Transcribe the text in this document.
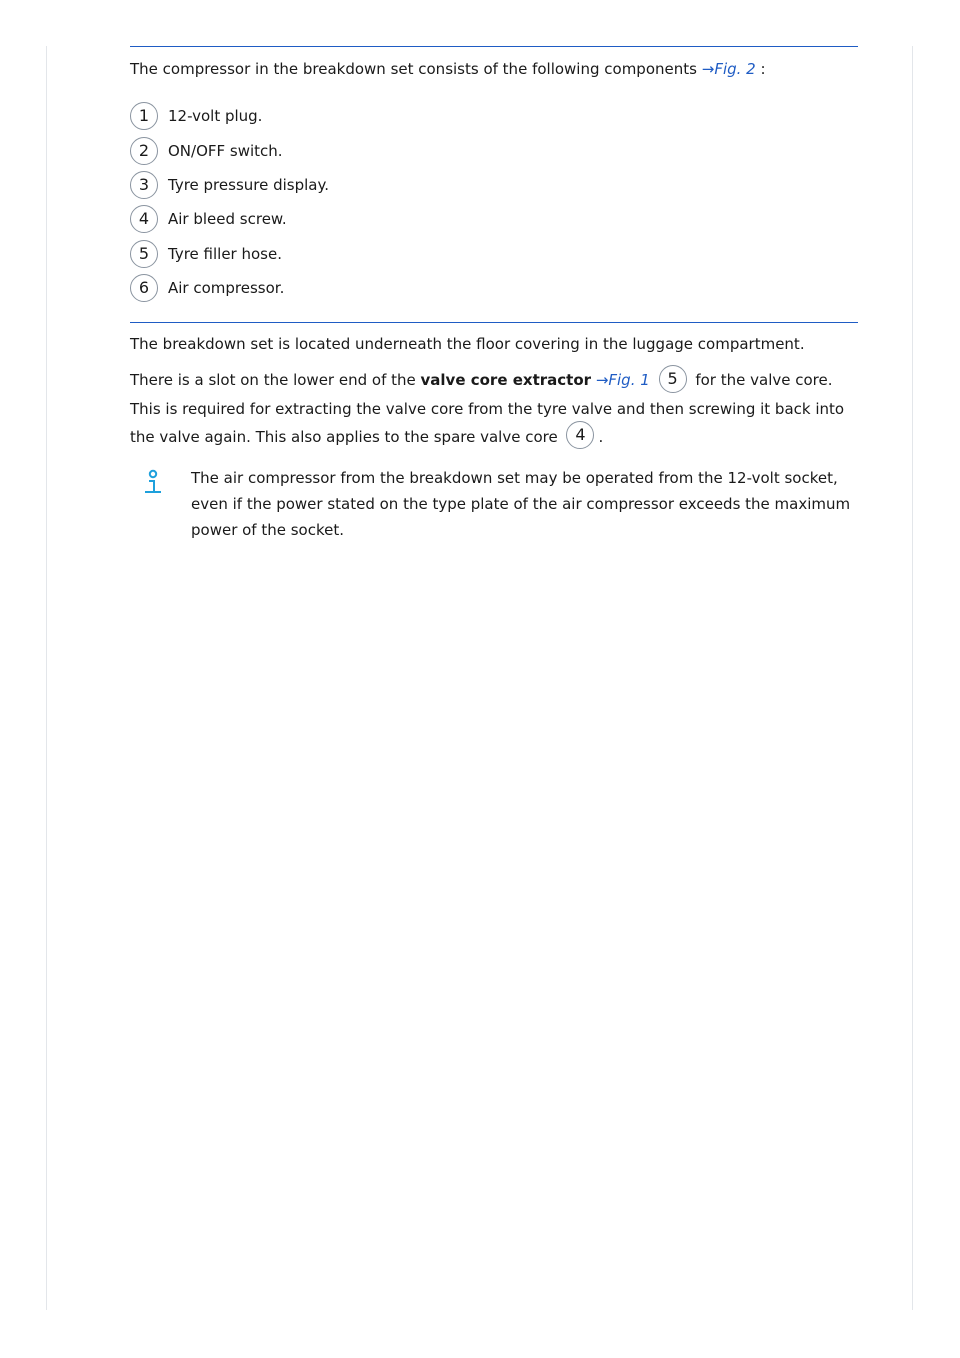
The compressor in the breakdown set consists of the following components →Fig. 2 :

1	12-volt plug.
2	ON/OFF switch.
3	Tyre pressure display.
4	Air bleed screw.
5	Tyre filler hose.
6	Air compressor.

The breakdown set is located underneath the floor covering in the luggage compartment.

There is a slot on the lower end of the valve core extractor →Fig. 1 5 for the valve core. This is required for extracting the valve core from the tyre valve and then screwing it back into the valve again. This also applies to the spare valve core 4 .

The air compressor from the breakdown set may be operated from the 12-volt socket, even if the power stated on the type plate of the air compressor exceeds the maximum power of the socket.
